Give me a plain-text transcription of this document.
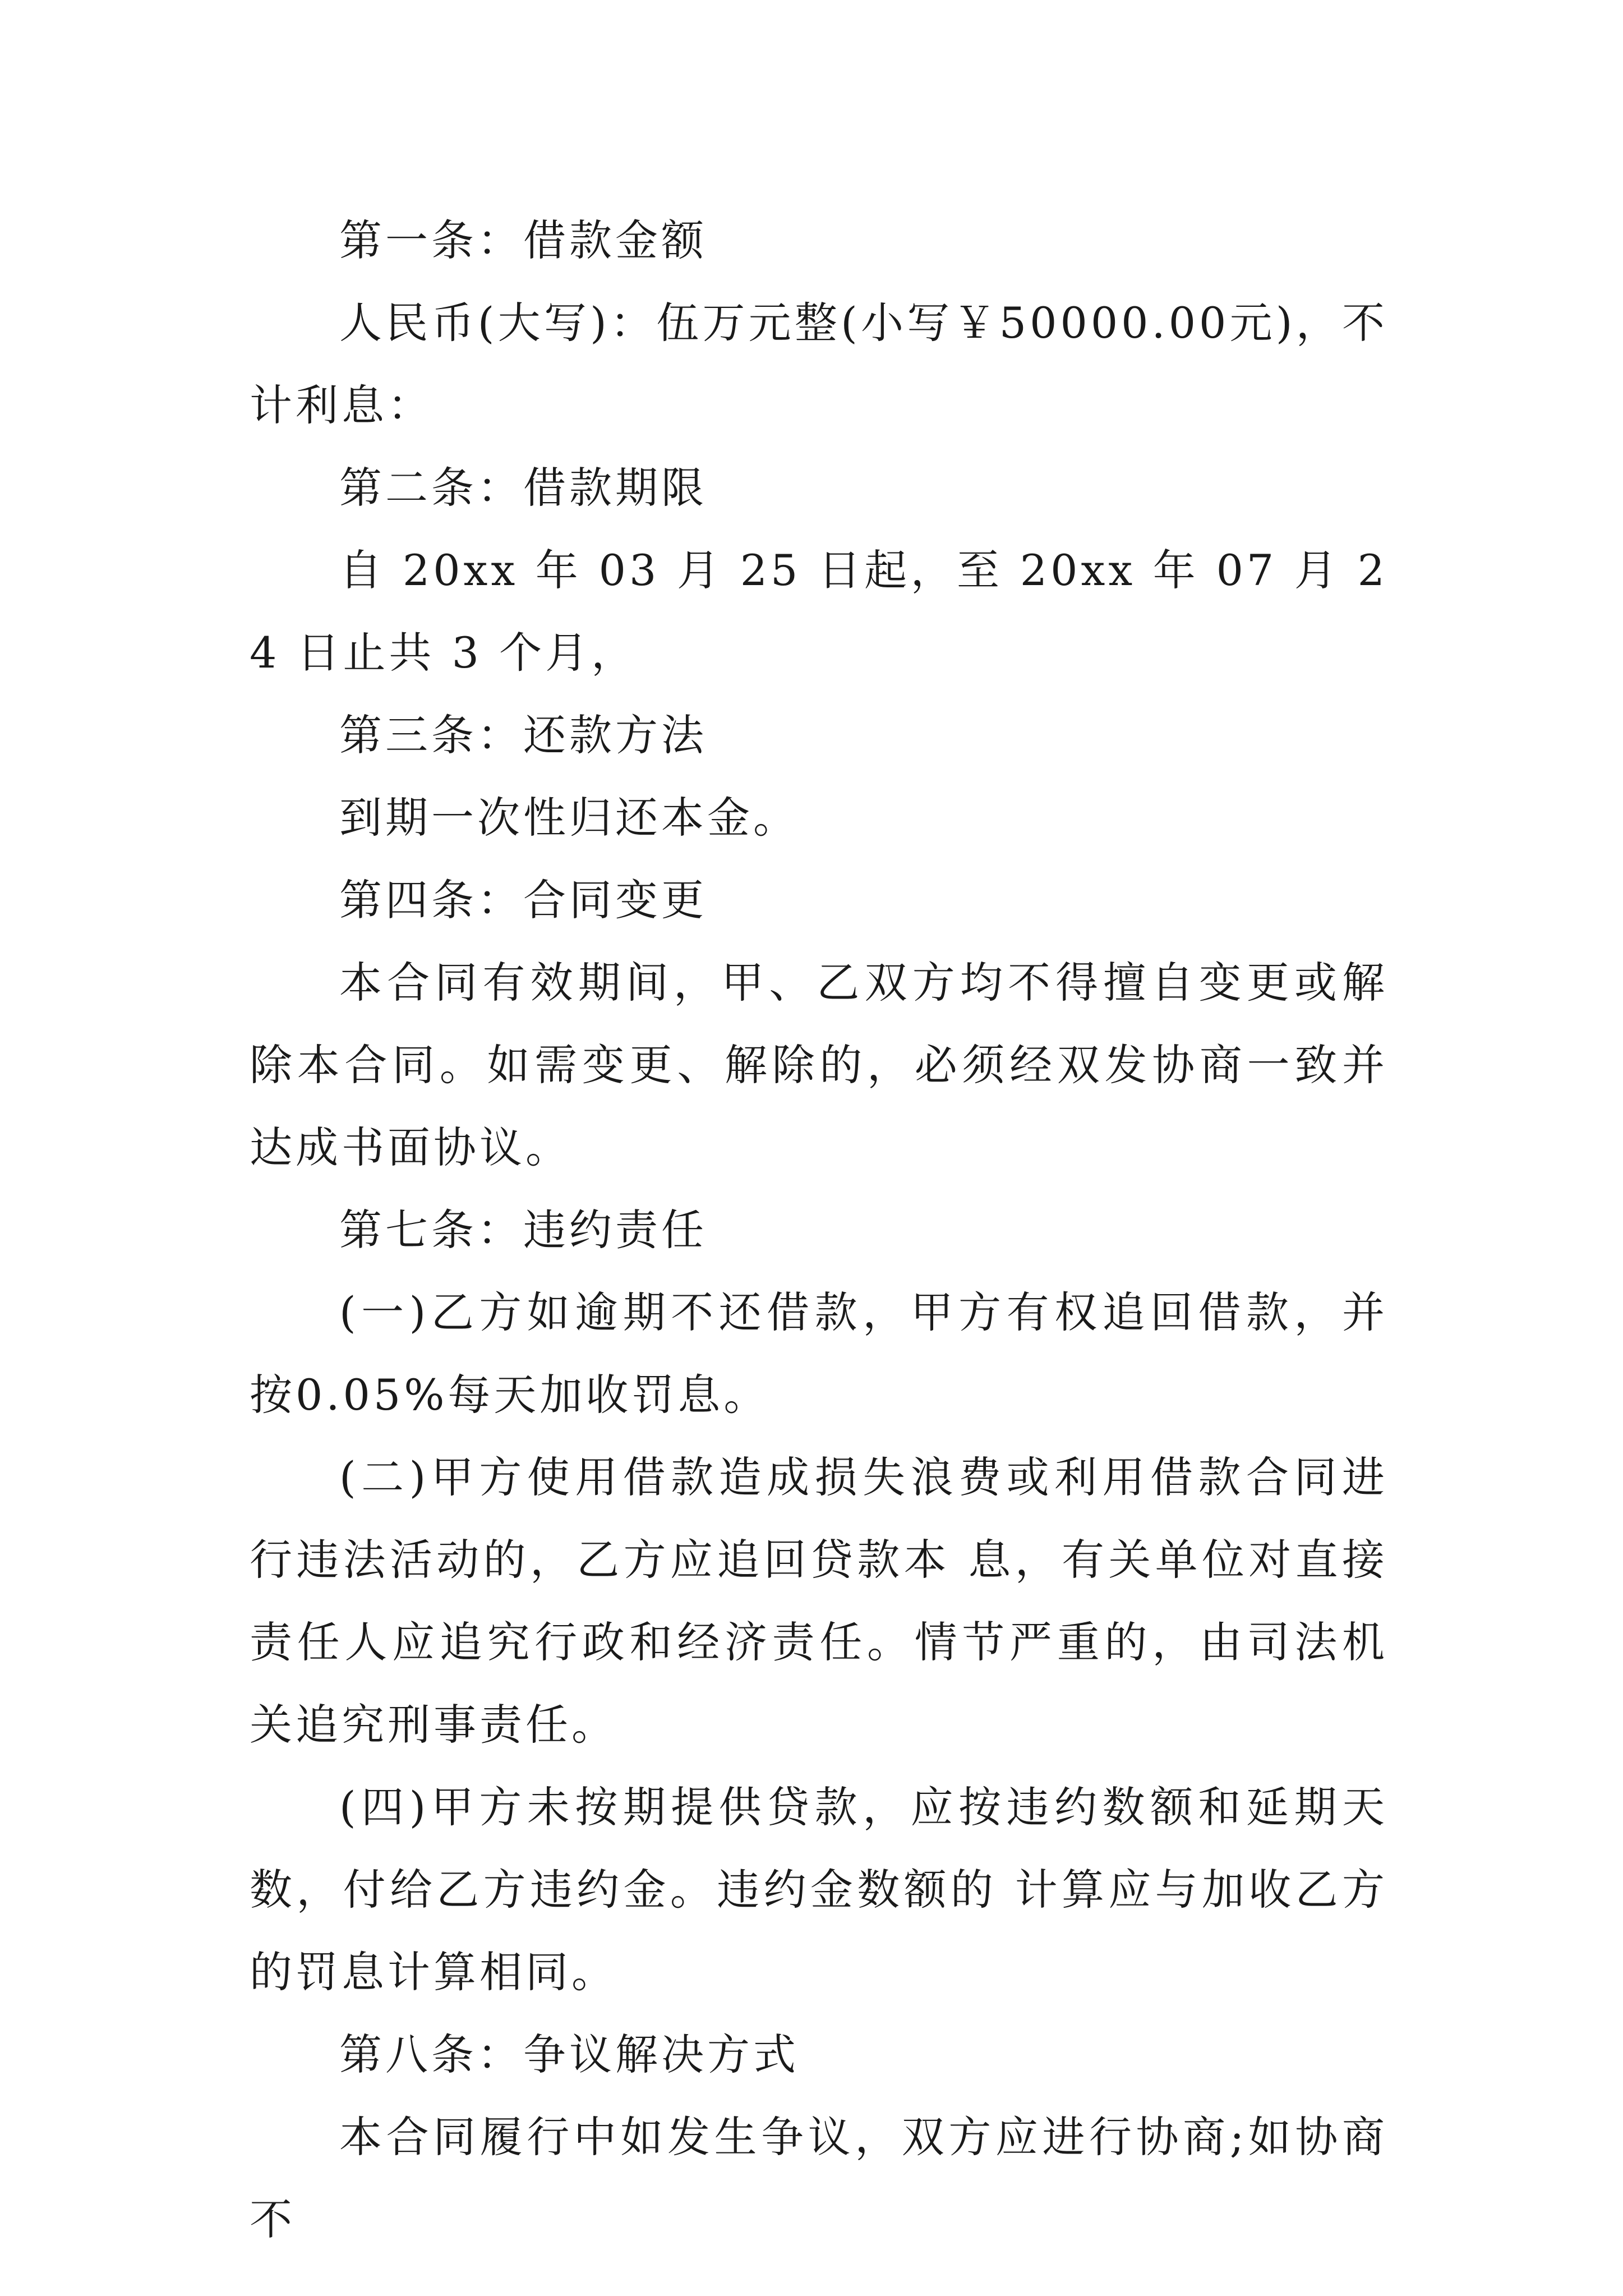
第一条：借款金额

人民币(大写)：伍万元整(小写￥50000.00元)，不计利息：

第二条：借款期限

自 20xx 年 03 月 25 日起，至 20xx 年 07 月 24 日止共 3 个月，

第三条：还款方法

到期一次性归还本金。

第四条：合同变更

本合同有效期间，甲、乙双方均不得擅自变更或解除本合同。如需变更、解除的，必须经双发协商一致并达成书面协议。

第七条：违约责任

(一)乙方如逾期不还借款，甲方有权追回借款，并按0.05%每天加收罚息。

(二)甲方使用借款造成损失浪费或利用借款合同进行违法活动的，乙方应追回贷款本 息，有关单位对直接责任人应追究行政和经济责任。情节严重的，由司法机关追究刑事责任。

(四)甲方未按期提供贷款，应按违约数额和延期天数，付给乙方违约金。违约金数额的 计算应与加收乙方的罚息计算相同。

第八条：争议解决方式

本合同履行中如发生争议，双方应进行协商;如协商不
